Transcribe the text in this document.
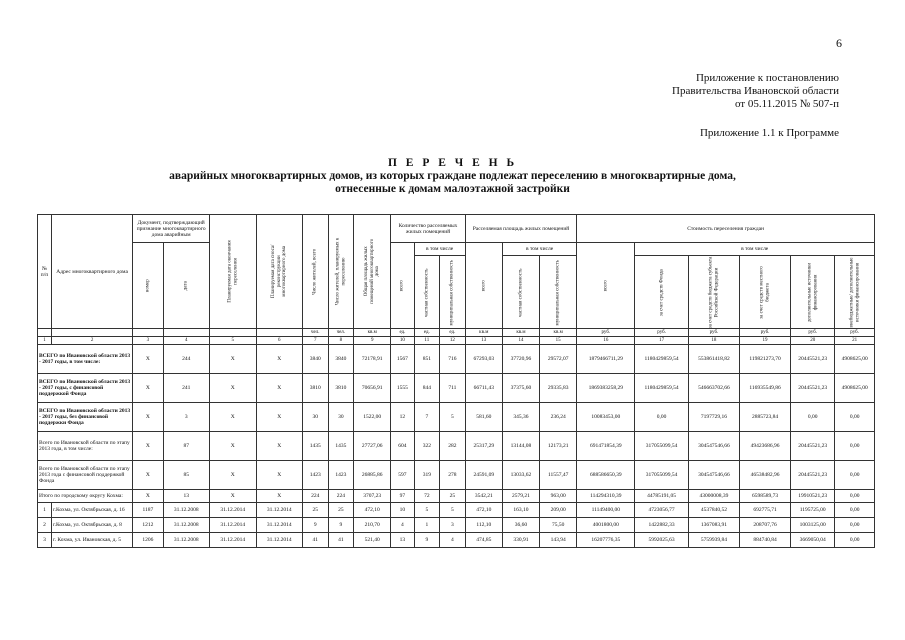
6
Приложение к постановлению
Правительства Ивановской области
от 05.11.2015 № 507-п
Приложение 1.1 к Программе
П Е Р Е Ч Е Н Ь
аварийных многоквартирных домов, из которых граждане подлежат переселению в многоквартирные дома,
отнесенные к домам малоэтажной застройки
№ п/п	Адрес многоквартирного дома	Документ, подтверждающий признание многоквартирного дома аварийным		Планируемая дата окончания переселения	Планируемая дата сноса/реконструкции многоквартирного дома	Число жителей, всего	Число жителей, планируемых к переселению	Общая площадь жилых помещений многоквартирного дома	Количество расселяемых жилых помещений			Расселяемая площадь жилых помещений			Стоимость переселения граждан					

		номер	дата						всего	в том числе		всего	в том числе		всего	в том числе				

										частная собственность	муниципальная собственность		частная собственность	муниципальная собственность		за счет средств Фонда	за счет средств бюджета субъекта Российской Федерации	за счет средств местного бюджета	дополнительные источники финансирования	внебюджетные/ дополнительные источники финансирования

						чел.	чел.	кв.м	ед.	ед.	ед.	кв.м	кв.м	кв.м	руб.	руб.	руб.	руб.	руб.	руб.
1	2	3	4	5	6	7	8	9	10	11	12	13	14	15	16	17	18	19	20	21
ВСЕГО по Ивановской области 2013 - 2017 годы, в том числе:		X	244	X	X	3840	3840	72178,91	1567	851	716	67293,03	37720,96	29572,07	1879466711,29	1180429859,54	553861418,82	119821273,70	20445521,23	4908625,00
ВСЕГО по Ивановской области 2013 - 2017 годы, с финансовой поддержкой Фонда		X	241	X	X	3810	3810	70656,91	1555	844	711	66711,43	37375,60	29335,83	1869383258,29	1180429859,54	546663702,66	116935549,86	20445521,23	4908625,00
ВСЕГО по Ивановской области 2013 - 2017 годы, без финансовой поддержки Фонда		X	3	X	X	30	30	1522,00	12	7	5	581,60	345,36	236,24	10083453,00	0,00	7197729,16	2885723,84	0,00	0,00
Всего по Ивановской области по этапу 2013 года, в том числе:		X	87	X	X	1435	1435	27727,06	604	322	282	25317,29	13144,08	12173,21	691471854,39	317055099,54	304547546,66	49423686,96	20445521,23	0,00
Всего по Ивановской области по этапу 2013 года с финансовой поддержкой Фонда		X	85	X	X	1423	1423	26885,86	597	319	278	24591,09	13033,62	11557,47	688586650,39	317055099,54	304547546,66	46538482,96	20445521,23	0,00
Итого по городскому округу Кохма:		X	13	X	X	224	224	3707,23	97	72	25	3542,21	2579,21	963,00	114294310,39	44785191,05	43000008,39	6598589,73	19910521,23	0,00
1	г.Кохма, ул. Октябрьская, д. 16	1187	31.12.2008	31.12.2014	31.12.2014	25	25	472,10	10	5	5	472,10	163,10	209,00	11149400,00	4723056,77	4537840,52	692775,71	1195725,00	0,00
2	г.Кохма, ул. Октябрьская, д. 8	1212	31.12.2008	31.12.2014	31.12.2014	9	9	210,70	4	1	3	112,10	36,60	75,50	4001800,00	1422882,33	1367083,91	208707,76	1003125,00	0,00
3	г. Кохма, ул. Ивановская, д. 5	1206	31.12.2008	31.12.2014	31.12.2014	41	41	521,40	13	9	4	474,85	330,91	143,94	16207776,35	5992025,63	5759939,84	884740,84	3669050,04	0,00
